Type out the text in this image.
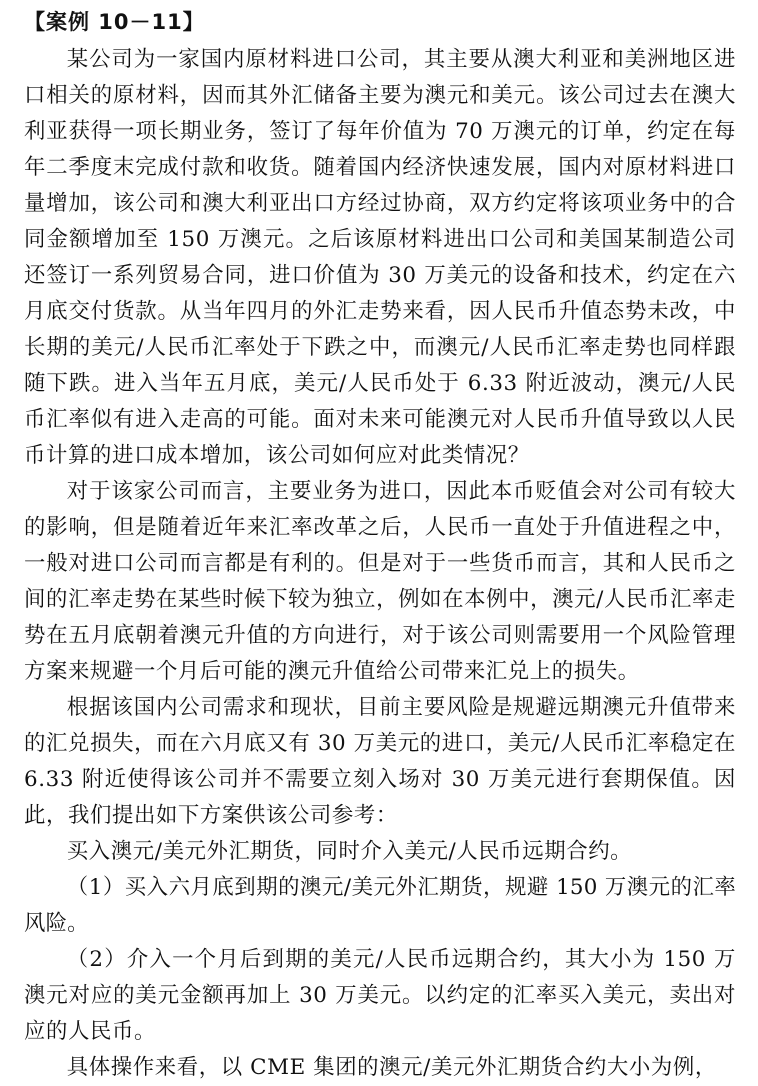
【案例 10－11】

某公司为一家国内原材料进口公司，其主要从澳大利亚和美洲地区进口相关的原材料，因而其外汇储备主要为澳元和美元。该公司过去在澳大利亚获得一项长期业务，签订了每年价值为 70 万澳元的订单，约定在每年二季度末完成付款和收货。随着国内经济快速发展，国内对原材料进口量增加，该公司和澳大利亚出口方经过协商，双方约定将该项业务中的合同金额增加至 150 万澳元。之后该原材料进出口公司和美国某制造公司还签订一系列贸易合同，进口价值为 30 万美元的设备和技术，约定在六月底交付货款。从当年四月的外汇走势来看，因人民币升值态势未改，中长期的美元/人民币汇率处于下跌之中，而澳元/人民币汇率走势也同样跟随下跌。进入当年五月底，美元/人民币处于 6.33 附近波动，澳元/人民币汇率似有进入走高的可能。面对未来可能澳元对人民币升值导致以人民币计算的进口成本增加，该公司如何应对此类情况？

对于该家公司而言，主要业务为进口，因此本币贬值会对公司有较大的影响，但是随着近年来汇率改革之后，人民币一直处于升值进程之中，一般对进口公司而言都是有利的。但是对于一些货币而言，其和人民币之间的汇率走势在某些时候下较为独立，例如在本例中，澳元/人民币汇率走势在五月底朝着澳元升值的方向进行，对于该公司则需要用一个风险管理方案来规避一个月后可能的澳元升值给公司带来汇兑上的损失。

根据该国内公司需求和现状，目前主要风险是规避远期澳元升值带来的汇兑损失，而在六月底又有 30 万美元的进口，美元/人民币汇率稳定在 6.33 附近使得该公司并不需要立刻入场对 30 万美元进行套期保值。因此，我们提出如下方案供该公司参考：

买入澳元/美元外汇期货，同时介入美元/人民币远期合约。

（1）买入六月底到期的澳元/美元外汇期货，规避 150 万澳元的汇率风险。

（2）介入一个月后到期的美元/人民币远期合约，其大小为 150 万澳元对应的美元金额再加上 30 万美元。以约定的汇率买入美元，卖出对应的人民币。

具体操作来看，以 CME 集团的澳元/美元外汇期货合约大小为例，
